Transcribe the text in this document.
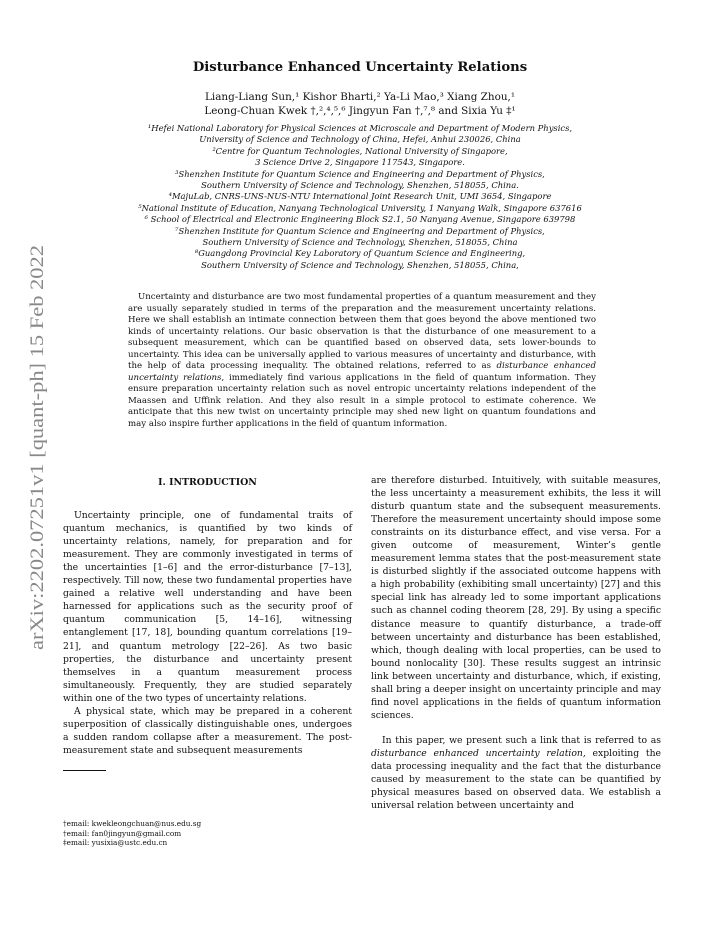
arXiv:2202.07251v1 [quant-ph] 15 Feb 2022
Disturbance Enhanced Uncertainty Relations
Liang-Liang Sun,¹ Kishor Bharti,² Ya-Li Mao,³ Xiang Zhou,¹
Leong-Chuan Kwek †,²,⁴,⁵,⁶ Jingyun Fan †,⁷,⁸ and Sixia Yu ‡¹
¹Hefei National Laboratory for Physical Sciences at Microscale and Department of Modern Physics,
University of Science and Technology of China, Hefei, Anhui 230026, China
²Centre for Quantum Technologies, National University of Singapore,
3 Science Drive 2, Singapore 117543, Singapore.
³Shenzhen Institute for Quantum Science and Engineering and Department of Physics,
Southern University of Science and Technology, Shenzhen, 518055, China.
⁴MajuLab, CNRS-UNS-NUS-NTU International Joint Research Unit, UMI 3654, Singapore
⁵National Institute of Education, Nanyang Technological University, 1 Nanyang Walk, Singapore 637616
⁶ School of Electrical and Electronic Engineering Block S2.1, 50 Nanyang Avenue, Singapore 639798
⁷Shenzhen Institute for Quantum Science and Engineering and Department of Physics,
Southern University of Science and Technology, Shenzhen, 518055, China
⁸Guangdong Provincial Key Laboratory of Quantum Science and Engineering,
Southern University of Science and Technology, Shenzhen, 518055, China,

Uncertainty and disturbance are two most fundamental properties of a quantum measurement and they are usually separately studied in terms of the preparation and the measurement uncertainty relations. Here we shall establish an intimate connection between them that goes beyond the above mentioned two kinds of uncertainty relations. Our basic observation is that the disturbance of one measurement to a subsequent measurement, which can be quantified based on observed data, sets lower-bounds to uncertainty. This idea can be universally applied to various measures of uncertainty and disturbance, with the help of data processing inequality. The obtained relations, referred to as disturbance enhanced uncertainty relations, immediately find various applications in the field of quantum information. They ensure preparation uncertainty relation such as novel entropic uncertainty relations independent of the Maassen and Uffink relation. And they also result in a simple protocol to estimate coherence. We anticipate that this new twist on uncertainty principle may shed new light on quantum foundations and may also inspire further applications in the field of quantum information.

I. INTRODUCTION

Uncertainty principle, one of fundamental traits of quantum mechanics, is quantified by two kinds of uncertainty relations, namely, for preparation and for measurement. They are commonly investigated in terms of the uncertainties [1–6] and the error-disturbance [7–13], respectively. Till now, these two fundamental properties have gained a relative well understanding and have been harnessed for applications such as the security proof of quantum communication [5, 14–16], witnessing entanglement [17, 18], bounding quantum correlations [19–21], and quantum metrology [22–26]. As two basic properties, the disturbance and uncertainty present themselves in a quantum measurement process simultaneously. Frequently, they are studied separately within one of the two types of uncertainty relations.

A physical state, which may be prepared in a coherent superposition of classically distinguishable ones, undergoes a sudden random collapse after a measurement. The post-measurement state and subsequent measurements

are therefore disturbed. Intuitively, with suitable measures, the less uncertainty a measurement exhibits, the less it will disturb quantum state and the subsequent measurements. Therefore the measurement uncertainty should impose some constraints on its disturbance effect, and vise versa. For a given outcome of measurement, Winter’s gentle measurement lemma states that the post-measurement state is disturbed slightly if the associated outcome happens with a high probability (exhibiting small uncertainty) [27] and this special link has already led to some important applications such as channel coding theorem [28, 29]. By using a specific distance measure to quantify disturbance, a trade-off between uncertainty and disturbance has been established, which, though dealing with local properties, can be used to bound nonlocality [30]. These results suggest an intrinsic link between uncertainty and disturbance, which, if existing, shall bring a deeper insight on uncertainty principle and may find novel applications in the fields of quantum information sciences.

In this paper, we present such a link that is referred to as disturbance enhanced uncertainty relation, exploiting the data processing inequality and the fact that the disturbance caused by measurement to the state can be quantified by physical measures based on observed data. We establish a universal relation between uncertainty and

†email: kwekleongchuan@nus.edu.sg
†email: fan0jingyun@gmail.com
‡email: yusixia@ustc.edu.cn
